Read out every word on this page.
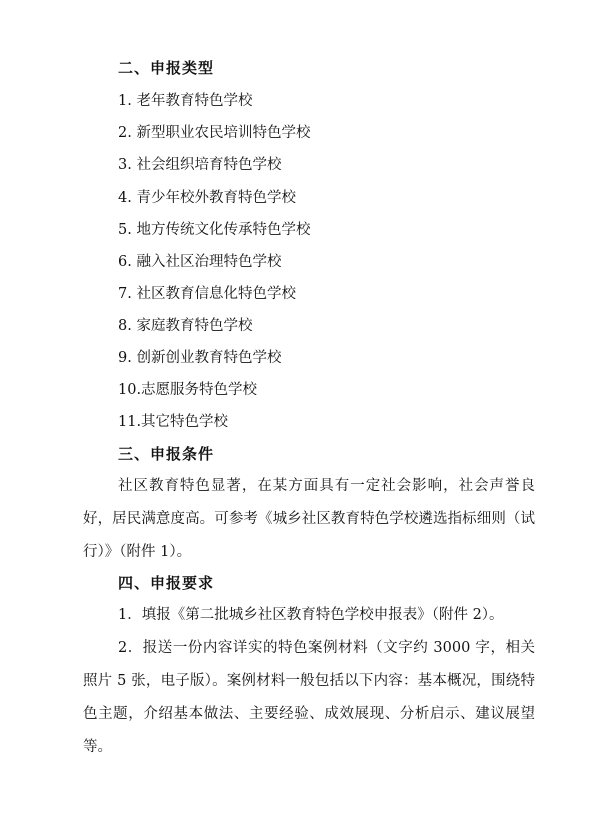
二、申报类型
1. 老年教育特色学校
2. 新型职业农民培训特色学校
3. 社会组织培育特色学校
4. 青少年校外教育特色学校
5. 地方传统文化传承特色学校
6. 融入社区治理特色学校
7. 社区教育信息化特色学校
8. 家庭教育特色学校
9. 创新创业教育特色学校
10.志愿服务特色学校
11.其它特色学校
三、申报条件
社区教育特色显著，在某方面具有一定社会影响，社会声誉良好，居民满意度高。可参考《城乡社区教育特色学校遴选指标细则（试行）》（附件 1）。
四、申报要求
1．填报《第二批城乡社区教育特色学校申报表》（附件 2）。
2．报送一份内容详实的特色案例材料（文字约 3000 字，相关照片 5 张，电子版）。案例材料一般包括以下内容：基本概况，围绕特色主题，介绍基本做法、主要经验、成效展现、分析启示、建议展望等。
